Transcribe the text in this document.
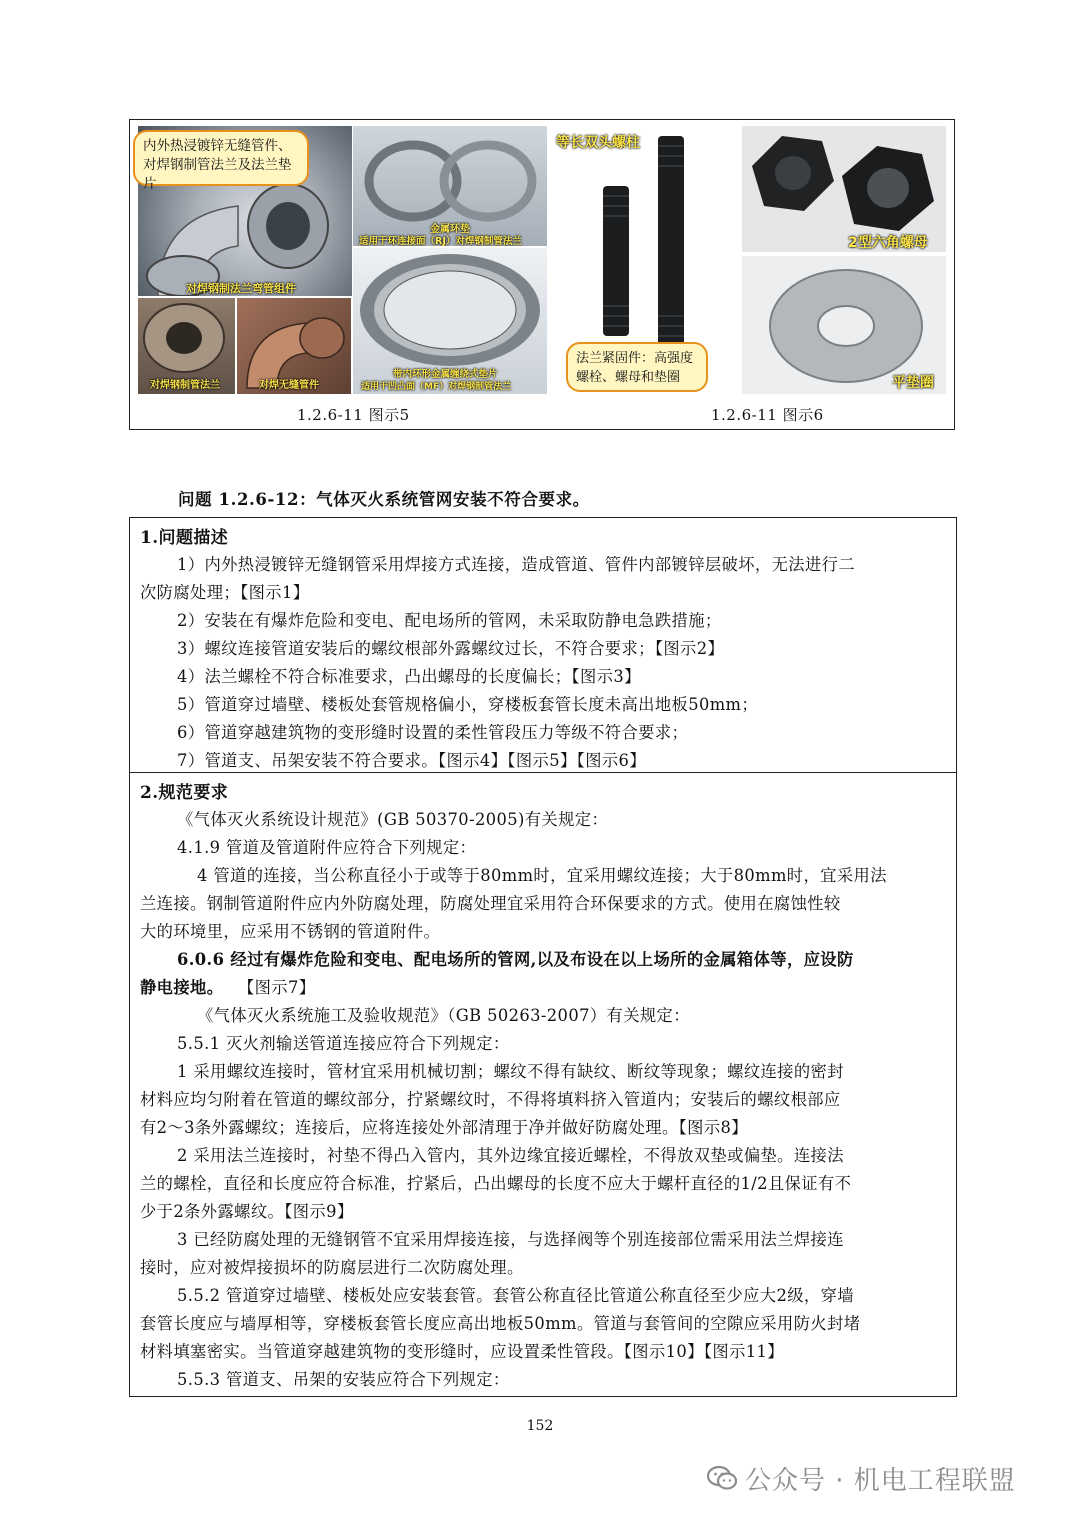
对焊钢制法兰弯管组件
内外热浸镀锌无缝管件、对焊钢制管法兰及法兰垫片
金属环垫
适用于环连接面（RJ）对焊钢制管法兰
带内环形金属缠绕式垫片
适用于凹凸面（MF）对焊钢制管法兰
对焊钢制管法兰	对焊无缝管件
等长双头螺柱
法兰紧固件：高强度螺栓、螺母和垫圈
2型六角螺母
平垫圈
1.2.6-11 图示5	1.2.6-11 图示6
问题 1.2.6-12：气体灭火系统管网安装不符合要求。
1.问题描述
1）内外热浸镀锌无缝钢管采用焊接方式连接，造成管道、管件内部镀锌层破坏，无法进行二
次防腐处理；【图示1】
2）安装在有爆炸危险和变电、配电场所的管网，未采取防静电急跌措施；
3）螺纹连接管道安装后的螺纹根部外露螺纹过长，不符合要求；【图示2】
4）法兰螺栓不符合标准要求，凸出螺母的长度偏长；【图示3】
5）管道穿过墙壁、楼板处套管规格偏小，穿楼板套管长度未高出地板50mm；
6）管道穿越建筑物的变形缝时设置的柔性管段压力等级不符合要求；
7）管道支、吊架安装不符合要求。【图示4】【图示5】【图示6】
2.规范要求
《气体灭火系统设计规范》(GB 50370-2005)有关规定：
4.1.9 管道及管道附件应符合下列规定：
4 管道的连接，当公称直径小于或等于80mm时，宜采用螺纹连接；大于80mm时，宜采用法
兰连接。钢制管道附件应内外防腐处理，防腐处理宜采用符合环保要求的方式。使用在腐蚀性较
大的环境里，应采用不锈钢的管道附件。
6.0.6 经过有爆炸危险和变电、配电场所的管网,以及布设在以上场所的金属箱体等，应设防
静电接地。 【图示7】
《气体灭火系统施工及验收规范》（GB 50263-2007）有关规定：
5.5.1 灭火剂输送管道连接应符合下列规定：
1 采用螺纹连接时，管材宜采用机械切割；螺纹不得有缺纹、断纹等现象；螺纹连接的密封
材料应均匀附着在管道的螺纹部分，拧紧螺纹时，不得将填料挤入管道内；安装后的螺纹根部应
有2～3条外露螺纹；连接后，应将连接处外部清理于净并做好防腐处理。【图示8】
2 采用法兰连接时，衬垫不得凸入管内，其外边缘宜接近螺栓，不得放双垫或偏垫。连接法
兰的螺栓，直径和长度应符合标准，拧紧后，凸出螺母的长度不应大于螺杆直径的1/2且保证有不
少于2条外露螺纹。【图示9】
3 已经防腐处理的无缝钢管不宜采用焊接连接，与选择阀等个别连接部位需采用法兰焊接连
接时，应对被焊接损坏的防腐层进行二次防腐处理。
5.5.2 管道穿过墙壁、楼板处应安装套管。套管公称直径比管道公称直径至少应大2级，穿墙
套管长度应与墙厚相等，穿楼板套管长度应高出地板50mm。管道与套管间的空隙应采用防火封堵
材料填塞密实。当管道穿越建筑物的变形缝时，应设置柔性管段。【图示10】【图示11】
5.5.3 管道支、吊架的安装应符合下列规定：
152
公众号 · 机电工程联盟
